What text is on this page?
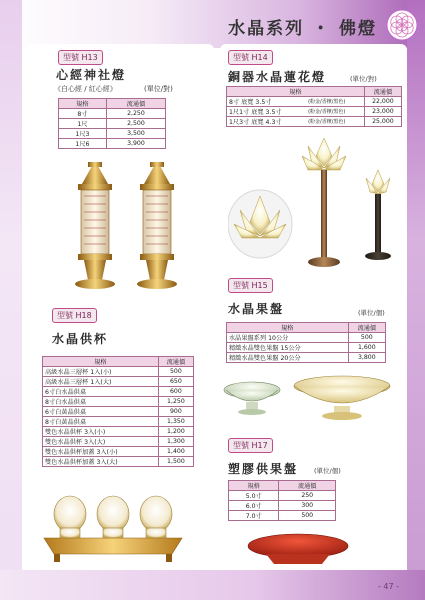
水晶系列 ・ 佛燈
型號 H13
心經神社燈
《白心經 / 紅心經》	(單位/對)
規格	流通價
8寸	2,250
1尺	2,500
1尺3	3,500
1尺6	3,900
型號 H14
銅器水晶蓮花燈	(單位/對)
規格		流通價
8寸 底寬 3.5寸	(粉金/香檳/黑色)	22,000
1尺1寸 底寬 3.5寸	(粉金/香檳/黑色)	23,000
1尺3寸 底寬 4.3寸	(粉金/香檳/黑色)	25,000
型號 H15
水晶果盤	(單位/個)
規格	流通價
水晶果盤系列 10公分	500
精緻水晶雙色果盤 15公分	1,600
精緻水晶雙色果盤 20公分	3,800
型號 H18
水晶供杯
規格	流通價
高級水晶三層杯 1入(小)	500
高級水晶三層杯 1入(大)	650
6寸白水晶供桌	600
8寸白水晶供桌	1,250
6寸白黃晶供桌	900
8寸白黃晶供桌	1,350
雙色水晶供杯 3入(小)	1,200
雙色水晶供杯 3入(大)	1,300
雙色水晶供杯加蓋 3入(小)	1,400
雙色水晶供杯加蓋 3入(大)	1,500
型號 H17
塑膠供果盤 (單位/個)
規格	流通價
5.0寸	250
6.0寸	300
7.0寸	500
- 47 -
